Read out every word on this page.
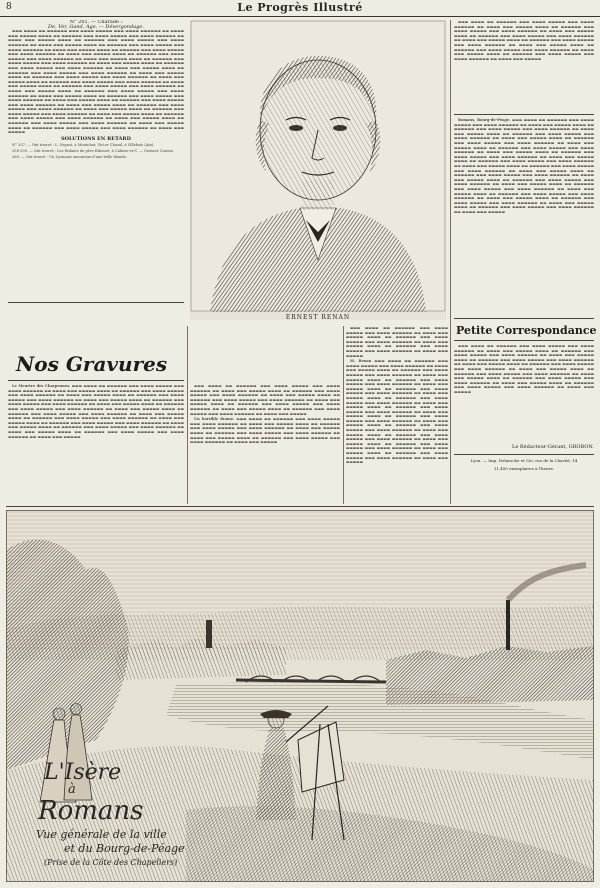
8	Le Progrès Illustré
N° 261. — Charade :
De, Ver, Gand, Age. — Dévergondage.

▬▬▬ ▬▬▬▬ ▬▬ ▬▬▬▬▬▬ ▬▬▬ ▬▬▬▬ ▬▬▬▬▬ ▬▬▬ ▬▬▬▬ ▬▬▬▬▬▬ ▬▬ ▬▬▬▬ ▬▬▬ ▬▬▬▬▬ ▬▬▬▬ ▬▬ ▬▬▬▬▬▬ ▬▬▬ ▬▬▬▬ ▬▬▬▬▬ ▬▬▬ ▬▬▬▬ ▬▬▬▬▬▬ ▬▬ ▬▬▬▬ ▬▬▬ ▬▬▬▬▬ ▬▬▬▬ ▬▬ ▬▬▬▬▬▬ ▬▬▬ ▬▬▬▬ ▬▬▬▬▬ ▬▬▬ ▬▬▬▬ ▬▬▬▬▬▬ ▬▬ ▬▬▬▬ ▬▬▬ ▬▬▬▬▬ ▬▬▬▬ ▬▬ ▬▬▬▬▬▬ ▬▬▬ ▬▬▬▬ ▬▬▬▬▬ ▬▬▬ ▬▬▬▬ ▬▬▬▬▬▬ ▬▬ ▬▬▬▬ ▬▬▬ ▬▬▬▬▬ ▬▬▬▬ ▬▬ ▬▬▬▬▬▬ ▬▬▬ ▬▬▬▬ ▬▬▬▬▬ ▬▬▬ ▬▬▬▬ ▬▬▬▬▬▬ ▬▬ ▬▬▬▬ ▬▬▬ ▬▬▬▬▬ ▬▬▬▬ ▬▬ ▬▬▬▬▬▬ ▬▬▬ ▬▬▬▬ ▬▬▬▬▬ ▬▬▬ ▬▬▬▬ ▬▬▬▬▬▬ ▬▬ ▬▬▬▬ ▬▬▬ ▬▬▬▬▬ ▬▬▬▬ ▬▬ ▬▬▬▬▬▬ ▬▬▬ ▬▬▬▬ ▬▬▬▬▬ ▬▬▬ ▬▬▬▬ ▬▬▬▬▬▬ ▬▬ ▬▬▬▬ ▬▬▬ ▬▬▬▬▬ ▬▬▬▬ ▬▬ ▬▬▬▬▬▬ ▬▬▬ ▬▬▬▬ ▬▬▬▬▬ ▬▬▬ ▬▬▬▬ ▬▬▬▬▬▬ ▬▬ ▬▬▬▬ ▬▬▬ ▬▬▬▬▬ ▬▬▬▬ ▬▬ ▬▬▬▬▬▬ ▬▬▬ ▬▬▬▬ ▬▬▬▬▬ ▬▬▬ ▬▬▬▬ ▬▬▬▬▬▬ ▬▬ ▬▬▬▬ ▬▬▬ ▬▬▬▬▬ ▬▬▬▬ ▬▬ ▬▬▬▬▬▬ ▬▬▬ ▬▬▬▬ ▬▬▬▬▬ ▬▬▬ ▬▬▬▬ ▬▬▬▬▬▬ ▬▬ ▬▬▬▬ ▬▬▬ ▬▬▬▬▬ ▬▬▬▬ ▬▬ ▬▬▬▬▬▬ ▬▬▬ ▬▬▬▬ ▬▬▬▬▬ ▬▬▬ ▬▬▬▬ ▬▬▬▬▬▬ ▬▬ ▬▬▬▬ ▬▬▬ ▬▬▬▬▬ ▬▬▬▬ ▬▬ ▬▬▬▬▬▬ ▬▬▬ ▬▬▬▬ ▬▬▬▬▬ ▬▬▬ ▬▬▬▬ ▬▬▬▬▬▬ ▬▬ ▬▬▬▬ ▬▬▬ ▬▬▬▬▬ ▬▬▬▬ ▬▬ ▬▬▬▬▬▬ ▬▬▬ ▬▬▬▬ ▬▬▬▬▬ ▬▬▬ ▬▬▬▬ ▬▬▬▬▬▬ ▬▬ ▬▬▬▬ ▬▬▬ ▬▬▬▬▬ ▬▬▬▬ ▬▬ ▬▬▬▬▬▬ ▬▬▬ ▬▬▬▬ ▬▬▬▬▬ ▬▬▬ ▬▬▬▬ ▬▬▬▬▬▬ ▬▬ ▬▬▬▬ ▬▬▬ ▬▬▬▬▬ ▬▬▬▬ ▬▬ ▬▬▬▬▬▬ ▬▬▬ ▬▬▬▬ ▬▬▬▬▬ ▬▬▬ ▬▬▬▬ ▬▬▬▬▬▬ ▬▬ ▬▬▬▬ ▬▬▬ ▬▬▬▬▬ ▬▬▬▬ ▬▬ ▬▬▬▬▬▬ ▬▬▬ ▬▬▬▬ ▬▬▬▬▬ ▬▬▬ ▬▬▬▬ ▬▬▬▬▬▬ ▬▬ ▬▬▬▬ ▬▬▬ ▬▬▬▬▬ ▬▬▬▬ ▬▬ ▬▬▬▬▬▬ ▬▬▬ ▬▬▬▬ ▬▬▬▬▬ ▬▬▬ ▬▬▬▬ ▬▬▬▬▬▬ ▬▬ ▬▬▬▬ ▬▬▬ ▬▬▬▬▬ ▬▬▬▬ ▬▬ ▬▬▬▬▬▬ ▬▬▬ ▬▬▬▬ ▬▬▬▬▬ ▬▬▬ ▬▬▬▬ ▬▬▬▬▬▬ ▬▬ ▬▬▬▬ ▬▬▬ ▬▬▬▬▬ ▬▬▬▬ ▬▬ ▬▬▬▬▬▬ ▬▬▬ ▬▬▬▬ ▬▬▬▬▬ ▬▬▬ ▬▬▬▬ ▬▬▬▬▬▬ ▬▬ ▬▬▬▬ ▬▬▬ ▬▬▬▬▬ ▬▬▬▬ ▬▬ ▬▬▬▬▬▬ ▬▬▬ ▬▬▬▬ ▬▬▬▬▬ ▬▬▬ ▬▬▬▬ ▬▬▬▬▬▬ ▬▬ ▬▬▬▬ ▬▬▬ ▬▬▬▬▬

SOLUTIONS EN RETARD

N° 257. — Ont trouvé : L. Voyant, à Montchat; Victor Chazal, à Villebois (Ain).

258-259. — Ont trouvé : Les Enfants du père Ribouré, à Caluire-et-C. — Gustave Causse.

260. — Ont trouvé : Un Lyonnais amoureux d'une belle blonde.

Nos Gravures

Le Meurtre des Charpennes. ▬▬▬ ▬▬▬▬ ▬▬ ▬▬▬▬▬▬ ▬▬▬ ▬▬▬▬ ▬▬▬▬▬ ▬▬▬ ▬▬▬▬ ▬▬▬▬▬▬ ▬▬ ▬▬▬▬ ▬▬▬ ▬▬▬▬▬ ▬▬▬▬ ▬▬ ▬▬▬▬▬▬ ▬▬▬ ▬▬▬▬ ▬▬▬▬▬ ▬▬▬ ▬▬▬▬ ▬▬▬▬▬▬ ▬▬ ▬▬▬▬ ▬▬▬ ▬▬▬▬▬ ▬▬▬▬ ▬▬ ▬▬▬▬▬▬ ▬▬▬ ▬▬▬▬ ▬▬▬▬▬ ▬▬▬ ▬▬▬▬ ▬▬▬▬▬▬ ▬▬ ▬▬▬▬ ▬▬▬ ▬▬▬▬▬ ▬▬▬▬ ▬▬ ▬▬▬▬▬▬ ▬▬▬ ▬▬▬▬ ▬▬▬▬▬ ▬▬▬ ▬▬▬▬ ▬▬▬▬▬▬ ▬▬ ▬▬▬▬ ▬▬▬ ▬▬▬▬▬ ▬▬▬▬ ▬▬ ▬▬▬▬▬▬ ▬▬▬ ▬▬▬▬ ▬▬▬▬▬ ▬▬▬ ▬▬▬▬ ▬▬▬▬▬▬ ▬▬ ▬▬▬▬ ▬▬▬ ▬▬▬▬▬ ▬▬▬▬ ▬▬ ▬▬▬▬▬▬ ▬▬▬ ▬▬▬▬ ▬▬▬▬▬ ▬▬▬ ▬▬▬▬ ▬▬▬▬▬▬ ▬▬ ▬▬▬▬ ▬▬▬ ▬▬▬▬▬ ▬▬▬▬ ▬▬ ▬▬▬▬▬▬ ▬▬▬ ▬▬▬▬ ▬▬▬▬▬ ▬▬▬ ▬▬▬▬ ▬▬▬▬▬▬ ▬▬ ▬▬▬▬ ▬▬▬ ▬▬▬▬▬ ▬▬▬▬ ▬▬ ▬▬▬▬▬▬ ▬▬▬ ▬▬▬▬ ▬▬▬▬▬ ▬▬▬ ▬▬▬▬ ▬▬▬▬▬▬ ▬▬ ▬▬▬▬ ▬▬▬ ▬▬▬▬▬ ▬▬▬▬ ▬▬ ▬▬▬▬▬▬ ▬▬▬ ▬▬▬▬ ▬▬▬▬▬ ▬▬▬ ▬▬▬▬ ▬▬▬▬▬▬ ▬▬ ▬▬▬▬ ▬▬▬ ▬▬▬▬▬ ▬▬▬▬ ▬▬ ▬▬▬▬▬▬ ▬▬▬ ▬▬▬▬ ▬▬▬▬▬ ▬▬▬ ▬▬▬▬ ▬▬▬▬▬▬ ▬▬ ▬▬▬▬ ▬▬▬ ▬▬▬▬▬

▬▬▬ ▬▬▬▬ ▬▬ ▬▬▬▬▬▬ ▬▬▬ ▬▬▬▬ ▬▬▬▬▬ ▬▬▬ ▬▬▬▬ ▬▬▬▬▬▬ ▬▬ ▬▬▬▬ ▬▬▬ ▬▬▬▬▬ ▬▬▬▬ ▬▬ ▬▬▬▬▬▬ ▬▬▬ ▬▬▬▬ ▬▬▬▬▬ ▬▬▬ ▬▬▬▬ ▬▬▬▬▬▬ ▬▬ ▬▬▬▬ ▬▬▬ ▬▬▬▬▬ ▬▬▬▬ ▬▬ ▬▬▬▬▬▬ ▬▬▬ ▬▬▬▬ ▬▬▬▬▬ ▬▬▬ ▬▬▬▬ ▬▬▬▬▬▬ ▬▬ ▬▬▬▬ ▬▬▬ ▬▬▬▬▬ ▬▬▬▬ ▬▬ ▬▬▬▬▬▬ ▬▬▬ ▬▬▬▬ ▬▬▬▬▬ ▬▬▬ ▬▬▬▬ ▬▬▬▬▬▬ ▬▬ ▬▬▬▬ ▬▬▬ ▬▬▬▬▬ ▬▬▬▬ ▬▬ ▬▬▬▬▬▬ ▬▬▬ ▬▬▬▬ ▬▬▬▬▬ ▬▬▬ ▬▬▬▬ ▬▬▬▬▬▬ ▬▬ ▬▬▬▬ ▬▬▬ ▬▬▬▬▬

Un horrible drame. ▬▬▬ ▬▬▬▬ ▬▬ ▬▬▬▬▬▬ ▬▬▬ ▬▬▬▬ ▬▬▬▬▬ ▬▬▬ ▬▬▬▬ ▬▬▬▬▬▬ ▬▬ ▬▬▬▬ ▬▬▬ ▬▬▬▬▬ ▬▬▬▬ ▬▬ ▬▬▬▬▬▬ ▬▬▬ ▬▬▬▬ ▬▬▬▬▬ ▬▬▬ ▬▬▬▬ ▬▬▬▬▬▬ ▬▬ ▬▬▬▬ ▬▬▬ ▬▬▬▬▬ ▬▬▬▬ ▬▬ ▬▬▬▬▬▬ ▬▬▬ ▬▬▬▬ ▬▬▬▬▬ ▬▬▬ ▬▬▬▬ ▬▬▬▬▬▬ ▬▬ ▬▬▬▬ ▬▬▬ ▬▬▬▬▬ ▬▬▬▬ ▬▬ ▬▬▬▬▬▬ ▬▬▬ ▬▬▬▬ ▬▬▬▬▬ ▬▬▬ ▬▬▬▬ ▬▬▬▬▬▬ ▬▬ ▬▬▬▬ ▬▬▬ ▬▬▬▬▬

▬▬▬ ▬▬▬▬ ▬▬ ▬▬▬▬▬▬ ▬▬▬ ▬▬▬▬ ▬▬▬▬▬ ▬▬▬ ▬▬▬▬ ▬▬▬▬▬▬ ▬▬ ▬▬▬▬ ▬▬▬ ▬▬▬▬▬ ▬▬▬▬ ▬▬ ▬▬▬▬▬▬ ▬▬▬ ▬▬▬▬ ▬▬▬▬▬ ▬▬▬ ▬▬▬▬ ▬▬▬▬▬▬ ▬▬ ▬▬▬▬ ▬▬▬ ▬▬▬▬▬ ▬▬▬▬ ▬▬ ▬▬▬▬▬▬ ▬▬▬ ▬▬▬▬ ▬▬▬▬▬ ▬▬▬ ▬▬▬▬ ▬▬▬▬▬▬ ▬▬ ▬▬▬▬ ▬▬▬ ▬▬▬▬▬

M. Renan ▬▬▬ ▬▬▬▬ ▬▬ ▬▬▬▬▬▬ ▬▬▬ ▬▬▬▬ ▬▬▬▬▬ ▬▬▬ ▬▬▬▬ ▬▬▬▬▬▬ ▬▬ ▬▬▬▬ ▬▬▬ ▬▬▬▬▬ ▬▬▬▬ ▬▬ ▬▬▬▬▬▬ ▬▬▬ ▬▬▬▬ ▬▬▬▬▬ ▬▬▬ ▬▬▬▬ ▬▬▬▬▬▬ ▬▬ ▬▬▬▬ ▬▬▬ ▬▬▬▬▬ ▬▬▬▬ ▬▬ ▬▬▬▬▬▬ ▬▬▬ ▬▬▬▬ ▬▬▬▬▬ ▬▬▬ ▬▬▬▬ ▬▬▬▬▬▬ ▬▬ ▬▬▬▬ ▬▬▬ ▬▬▬▬▬ ▬▬▬▬ ▬▬ ▬▬▬▬▬▬ ▬▬▬ ▬▬▬▬ ▬▬▬▬▬ ▬▬▬ ▬▬▬▬ ▬▬▬▬▬▬ ▬▬ ▬▬▬▬ ▬▬▬ ▬▬▬▬▬ ▬▬▬▬ ▬▬ ▬▬▬▬▬▬ ▬▬▬ ▬▬▬▬ ▬▬▬▬▬ ▬▬▬ ▬▬▬▬ ▬▬▬▬▬▬ ▬▬ ▬▬▬▬ ▬▬▬ ▬▬▬▬▬ ▬▬▬▬ ▬▬ ▬▬▬▬▬▬ ▬▬▬ ▬▬▬▬ ▬▬▬▬▬ ▬▬▬ ▬▬▬▬ ▬▬▬▬▬▬ ▬▬ ▬▬▬▬ ▬▬▬ ▬▬▬▬▬ ▬▬▬▬ ▬▬ ▬▬▬▬▬▬ ▬▬▬ ▬▬▬▬ ▬▬▬▬▬ ▬▬▬ ▬▬▬▬ ▬▬▬▬▬▬ ▬▬ ▬▬▬▬ ▬▬▬ ▬▬▬▬▬ ▬▬▬▬ ▬▬ ▬▬▬▬▬▬ ▬▬▬ ▬▬▬▬ ▬▬▬▬▬ ▬▬▬ ▬▬▬▬ ▬▬▬▬▬▬ ▬▬ ▬▬▬▬ ▬▬▬ ▬▬▬▬▬ ▬▬▬▬ ▬▬ ▬▬▬▬▬▬ ▬▬▬ ▬▬▬▬ ▬▬▬▬▬ ▬▬▬ ▬▬▬▬ ▬▬▬▬▬▬ ▬▬ ▬▬▬▬ ▬▬▬ ▬▬▬▬▬ ▬▬▬▬ ▬▬ ▬▬▬▬▬▬ ▬▬▬ ▬▬▬▬ ▬▬▬▬▬ ▬▬▬ ▬▬▬▬ ▬▬▬▬▬▬ ▬▬ ▬▬▬▬ ▬▬▬ ▬▬▬▬▬ ▬▬▬▬ ▬▬ ▬▬▬▬▬▬ ▬▬▬ ▬▬▬▬ ▬▬▬▬▬ ▬▬▬ ▬▬▬▬ ▬▬▬▬▬▬ ▬▬ ▬▬▬▬ ▬▬▬ ▬▬▬▬▬

ERNEST RENAN

▬▬▬ ▬▬▬▬ ▬▬ ▬▬▬▬▬▬ ▬▬▬ ▬▬▬▬ ▬▬▬▬▬ ▬▬▬ ▬▬▬▬ ▬▬▬▬▬▬ ▬▬ ▬▬▬▬ ▬▬▬ ▬▬▬▬▬ ▬▬▬▬ ▬▬ ▬▬▬▬▬▬ ▬▬▬ ▬▬▬▬ ▬▬▬▬▬ ▬▬▬ ▬▬▬▬ ▬▬▬▬▬▬ ▬▬ ▬▬▬▬ ▬▬▬ ▬▬▬▬▬ ▬▬▬▬ ▬▬ ▬▬▬▬▬▬ ▬▬▬ ▬▬▬▬ ▬▬▬▬▬ ▬▬▬ ▬▬▬▬ ▬▬▬▬▬▬ ▬▬ ▬▬▬▬ ▬▬▬ ▬▬▬▬▬ ▬▬▬▬ ▬▬ ▬▬▬▬▬▬ ▬▬▬ ▬▬▬▬ ▬▬▬▬▬ ▬▬▬ ▬▬▬▬ ▬▬▬▬▬▬ ▬▬ ▬▬▬▬ ▬▬▬ ▬▬▬▬▬ ▬▬▬▬ ▬▬ ▬▬▬▬▬▬ ▬▬▬ ▬▬▬▬ ▬▬▬▬▬ ▬▬▬ ▬▬▬▬ ▬▬▬▬▬▬ ▬▬ ▬▬▬▬ ▬▬▬ ▬▬▬▬▬ ▬▬▬▬ ▬▬ ▬▬▬▬▬▬ ▬▬▬ ▬▬▬▬ ▬▬▬▬▬ ▬▬▬ ▬▬▬▬ ▬▬▬▬▬▬ ▬▬ ▬▬▬▬ ▬▬▬ ▬▬▬▬▬

Romans, Bourg-de-Péage. ▬▬▬ ▬▬▬▬ ▬▬ ▬▬▬▬▬▬ ▬▬▬ ▬▬▬▬ ▬▬▬▬▬ ▬▬▬ ▬▬▬▬ ▬▬▬▬▬▬ ▬▬ ▬▬▬▬ ▬▬▬ ▬▬▬▬▬ ▬▬▬▬ ▬▬ ▬▬▬▬▬▬ ▬▬▬ ▬▬▬▬ ▬▬▬▬▬ ▬▬▬ ▬▬▬▬ ▬▬▬▬▬▬ ▬▬ ▬▬▬▬ ▬▬▬ ▬▬▬▬▬ ▬▬▬▬ ▬▬ ▬▬▬▬▬▬ ▬▬▬ ▬▬▬▬ ▬▬▬▬▬ ▬▬▬ ▬▬▬▬ ▬▬▬▬▬▬ ▬▬ ▬▬▬▬ ▬▬▬ ▬▬▬▬▬ ▬▬▬▬ ▬▬ ▬▬▬▬▬▬ ▬▬▬ ▬▬▬▬ ▬▬▬▬▬ ▬▬▬ ▬▬▬▬ ▬▬▬▬▬▬ ▬▬ ▬▬▬▬ ▬▬▬ ▬▬▬▬▬ ▬▬▬▬ ▬▬ ▬▬▬▬▬▬ ▬▬▬ ▬▬▬▬ ▬▬▬▬▬ ▬▬▬ ▬▬▬▬ ▬▬▬▬▬▬ ▬▬ ▬▬▬▬ ▬▬▬ ▬▬▬▬▬ ▬▬▬▬ ▬▬ ▬▬▬▬▬▬ ▬▬▬ ▬▬▬▬ ▬▬▬▬▬ ▬▬▬ ▬▬▬▬ ▬▬▬▬▬▬ ▬▬ ▬▬▬▬ ▬▬▬ ▬▬▬▬▬ ▬▬▬▬ ▬▬ ▬▬▬▬▬▬ ▬▬▬ ▬▬▬▬ ▬▬▬▬▬ ▬▬▬ ▬▬▬▬ ▬▬▬▬▬▬ ▬▬ ▬▬▬▬ ▬▬▬ ▬▬▬▬▬ ▬▬▬▬ ▬▬ ▬▬▬▬▬▬ ▬▬▬ ▬▬▬▬ ▬▬▬▬▬ ▬▬▬ ▬▬▬▬ ▬▬▬▬▬▬ ▬▬ ▬▬▬▬ ▬▬▬ ▬▬▬▬▬ ▬▬▬▬ ▬▬ ▬▬▬▬▬▬ ▬▬▬ ▬▬▬▬ ▬▬▬▬▬ ▬▬▬ ▬▬▬▬ ▬▬▬▬▬▬ ▬▬ ▬▬▬▬ ▬▬▬ ▬▬▬▬▬ ▬▬▬▬ ▬▬ ▬▬▬▬▬▬ ▬▬▬ ▬▬▬▬ ▬▬▬▬▬ ▬▬▬ ▬▬▬▬ ▬▬▬▬▬▬ ▬▬ ▬▬▬▬ ▬▬▬ ▬▬▬▬▬ ▬▬▬▬ ▬▬ ▬▬▬▬▬▬ ▬▬▬ ▬▬▬▬ ▬▬▬▬▬ ▬▬▬ ▬▬▬▬ ▬▬▬▬▬▬ ▬▬ ▬▬▬▬ ▬▬▬ ▬▬▬▬▬ ▬▬▬▬ ▬▬ ▬▬▬▬▬▬ ▬▬▬ ▬▬▬▬ ▬▬▬▬▬ ▬▬▬ ▬▬▬▬ ▬▬▬▬▬▬ ▬▬ ▬▬▬▬ ▬▬▬ ▬▬▬▬▬ ▬▬▬▬ ▬▬ ▬▬▬▬▬▬ ▬▬▬ ▬▬▬▬ ▬▬▬▬▬ ▬▬▬ ▬▬▬▬ ▬▬▬▬▬▬ ▬▬ ▬▬▬▬ ▬▬▬ ▬▬▬▬▬ ▬▬▬▬ ▬▬ ▬▬▬▬▬▬ ▬▬▬ ▬▬▬▬ ▬▬▬▬▬ ▬▬▬ ▬▬▬▬ ▬▬▬▬▬▬ ▬▬ ▬▬▬▬ ▬▬▬ ▬▬▬▬▬

Petite Correspondance

▬▬▬ ▬▬▬▬ ▬▬ ▬▬▬▬▬▬ ▬▬▬ ▬▬▬▬ ▬▬▬▬▬ ▬▬▬ ▬▬▬▬ ▬▬▬▬▬▬ ▬▬ ▬▬▬▬ ▬▬▬ ▬▬▬▬▬ ▬▬▬▬ ▬▬ ▬▬▬▬▬▬ ▬▬▬ ▬▬▬▬ ▬▬▬▬▬ ▬▬▬ ▬▬▬▬ ▬▬▬▬▬▬ ▬▬ ▬▬▬▬ ▬▬▬ ▬▬▬▬▬ ▬▬▬▬ ▬▬ ▬▬▬▬▬▬ ▬▬▬ ▬▬▬▬ ▬▬▬▬▬ ▬▬▬ ▬▬▬▬ ▬▬▬▬▬▬ ▬▬ ▬▬▬▬ ▬▬▬ ▬▬▬▬▬ ▬▬▬▬ ▬▬ ▬▬▬▬▬▬ ▬▬▬ ▬▬▬▬ ▬▬▬▬▬ ▬▬▬ ▬▬▬▬ ▬▬▬▬▬▬ ▬▬ ▬▬▬▬ ▬▬▬ ▬▬▬▬▬ ▬▬▬▬ ▬▬ ▬▬▬▬▬▬ ▬▬▬ ▬▬▬▬ ▬▬▬▬▬ ▬▬▬ ▬▬▬▬ ▬▬▬▬▬▬ ▬▬ ▬▬▬▬ ▬▬▬ ▬▬▬▬▬ ▬▬▬▬ ▬▬ ▬▬▬▬▬▬ ▬▬▬ ▬▬▬▬ ▬▬▬▬▬ ▬▬▬ ▬▬▬▬ ▬▬▬▬▬▬ ▬▬ ▬▬▬▬ ▬▬▬ ▬▬▬▬▬ ▬▬▬▬ ▬▬ ▬▬▬▬▬▬ ▬▬▬ ▬▬▬▬ ▬▬▬▬▬ ▬▬▬ ▬▬▬▬ ▬▬▬▬▬▬ ▬▬ ▬▬▬▬ ▬▬▬ ▬▬▬▬▬

Le Rédacteur-Gérant, GROBON.
Lyon. — Imp. Delaroche et Cie, rue de la Charité, 14
11,450 exemplaires à l'heure.
L'Isère
à
Romans
Vue générale de la ville
et du Bourg-de-Péage
(Prise de la Côte des Chapeliers)
